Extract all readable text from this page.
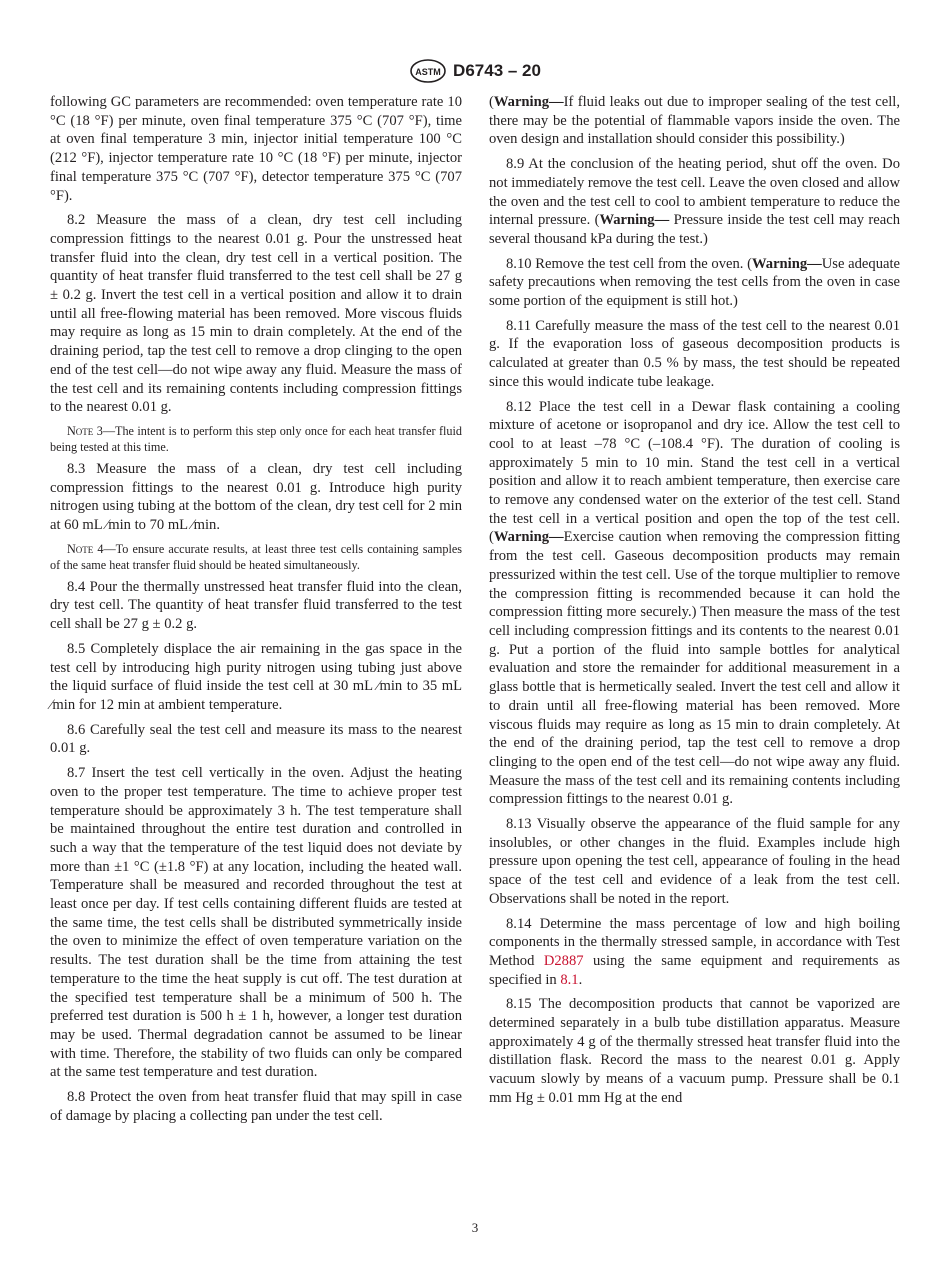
ASTM D6743 – 20

following GC parameters are recommended: oven temperature rate 10 °C (18 °F) per minute, oven final temperature 375 °C (707 °F), time at oven final temperature 3 min, injector initial temperature 100 °C (212 °F), injector temperature rate 10 °C (18 °F) per minute, injector final temperature 375 °C (707 °F), detector temperature 375 °C (707 °F).

8.2 Measure the mass of a clean, dry test cell including compression fittings to the nearest 0.01 g. Pour the unstressed heat transfer fluid into the clean, dry test cell in a vertical position. The quantity of heat transfer fluid transferred to the test cell shall be 27 g ± 0.2 g. Invert the test cell in a vertical position and allow it to drain until all free-flowing material has been removed. More viscous fluids may require as long as 15 min to drain completely. At the end of the draining period, tap the test cell to remove a drop clinging to the open end of the test cell—do not wipe away any fluid. Measure the mass of the test cell and its remaining contents including compression fittings to the nearest 0.01 g.

Note 3—The intent is to perform this step only once for each heat transfer fluid being tested at this time.

8.3 Measure the mass of a clean, dry test cell including compression fittings to the nearest 0.01 g. Introduce high purity nitrogen using tubing at the bottom of the clean, dry test cell for 2 min at 60 mL ⁄min to 70 mL ⁄min.

Note 4—To ensure accurate results, at least three test cells containing samples of the same heat transfer fluid should be heated simultaneously.

8.4 Pour the thermally unstressed heat transfer fluid into the clean, dry test cell. The quantity of heat transfer fluid transferred to the test cell shall be 27 g ± 0.2 g.

8.5 Completely displace the air remaining in the gas space in the test cell by introducing high purity nitrogen using tubing just above the liquid surface of fluid inside the test cell at 30 mL ⁄min to 35 mL ⁄min for 12 min at ambient temperature.

8.6 Carefully seal the test cell and measure its mass to the nearest 0.01 g.

8.7 Insert the test cell vertically in the oven. Adjust the heating oven to the proper test temperature. The time to achieve proper test temperature should be approximately 3 h. The test temperature shall be maintained throughout the entire test duration and controlled in such a way that the temperature of the test liquid does not deviate by more than ±1 °C (±1.8 °F) at any location, including the heated wall. Temperature shall be measured and recorded throughout the test at least once per day. If test cells containing different fluids are tested at the same time, the test cells shall be distributed symmetrically inside the oven to minimize the effect of oven temperature variation on the results. The test duration shall be the time from attaining the test temperature to the time the heat supply is cut off. The test duration at the specified test temperature shall be a minimum of 500 h. The preferred test duration is 500 h ± 1 h, however, a longer test duration may be used. Thermal degradation cannot be assumed to be linear with time. Therefore, the stability of two fluids can only be compared at the same test temperature and test duration.

8.8 Protect the oven from heat transfer fluid that may spill in case of damage by placing a collecting pan under the test cell.

(Warning—If fluid leaks out due to improper sealing of the test cell, there may be the potential of flammable vapors inside the oven. The oven design and installation should consider this possibility.)

8.9 At the conclusion of the heating period, shut off the oven. Do not immediately remove the test cell. Leave the oven closed and allow the oven and the test cell to cool to ambient temperature to reduce the internal pressure. (Warning— Pressure inside the test cell may reach several thousand kPa during the test.)

8.10 Remove the test cell from the oven. (Warning—Use adequate safety precautions when removing the test cells from the oven in case some portion of the equipment is still hot.)

8.11 Carefully measure the mass of the test cell to the nearest 0.01 g. If the evaporation loss of gaseous decomposition products is calculated at greater than 0.5 % by mass, the test should be repeated since this would indicate tube leakage.

8.12 Place the test cell in a Dewar flask containing a cooling mixture of acetone or isopropanol and dry ice. Allow the test cell to cool to at least –78 °C (–108.4 °F). The duration of cooling is approximately 5 min to 10 min. Stand the test cell in a vertical position and allow it to reach ambient temperature, then exercise care to remove any condensed water on the exterior of the test cell. Stand the test cell in a vertical position and open the top of the test cell. (Warning—Exercise caution when removing the compression fitting from the test cell. Gaseous decomposition products may remain pressurized within the test cell. Use of the torque multiplier to remove the compression fitting is recommended because it can hold the compression fitting more securely.) Then measure the mass of the test cell including compression fittings and its contents to the nearest 0.01 g. Put a portion of the fluid into sample bottles for analytical evaluation and store the remainder for additional measurement in a glass bottle that is hermetically sealed. Invert the test cell and allow it to drain until all free-flowing material has been removed. More viscous fluids may require as long as 15 min to drain completely. At the end of the draining period, tap the test cell to remove a drop clinging to the open end of the test cell—do not wipe away any fluid. Measure the mass of the test cell and its remaining contents including compression fittings to the nearest 0.01 g.

8.13 Visually observe the appearance of the fluid sample for any insolubles, or other changes in the fluid. Examples include high pressure upon opening the test cell, appearance of fouling in the head space of the test cell and evidence of a leak from the test cell. Observations shall be noted in the report.

8.14 Determine the mass percentage of low and high boiling components in the thermally stressed sample, in accordance with Test Method D2887 using the same equipment and requirements as specified in 8.1.

8.15 The decomposition products that cannot be vaporized are determined separately in a bulb tube distillation apparatus. Measure approximately 4 g of the thermally stressed heat transfer fluid into the distillation flask. Record the mass to the nearest 0.01 g. Apply vacuum slowly by means of a vacuum pump. Pressure shall be 0.1 mm Hg ± 0.01 mm Hg at the end

3
